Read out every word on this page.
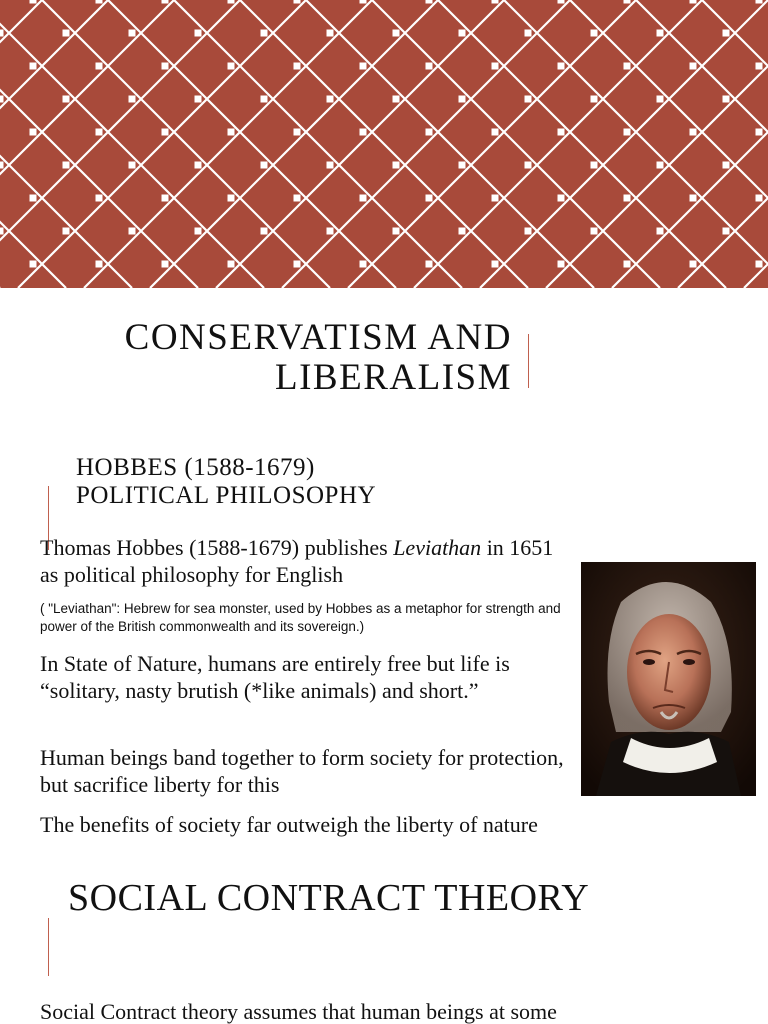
CONSERVATISM AND
LIBERALISM
HOBBES (1588-1679)
POLITICAL PHILOSOPHY
Thomas Hobbes (1588-1679) publishes Leviathan in 1651 as political philosophy for English
( "Leviathan": Hebrew for sea monster, used by Hobbes as a metaphor for strength and power of the British commonwealth and its sovereign.)
In State of Nature, humans are entirely free but life is “solitary, nasty brutish (*like animals) and short.”
Human beings band together to form society for protection, but sacrifice liberty for this
The benefits of society far outweigh the liberty of nature
SOCIAL CONTRACT THEORY
Social Contract theory assumes that human beings at some
